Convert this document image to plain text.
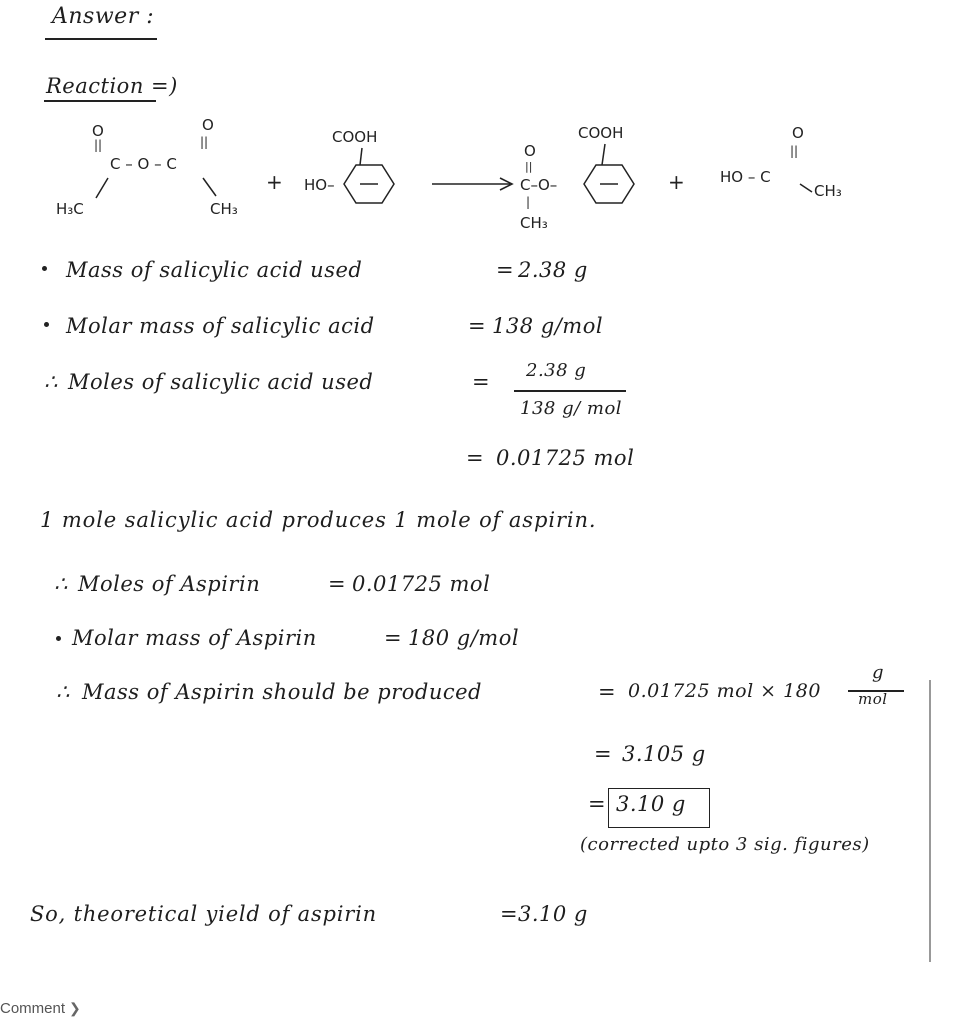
Answer :
Reaction =)
O
||
O
||
C – O – C
H₃C	CH₃
+
COOH
HO–
COOH
O
||
C–O–
|
CH₃
+
O
||
HO – C
CH₃
Mass of salicylic acid used	= 2.38 g
Molar mass of salicylic acid	= 138 g/mol
∴ Moles of salicylic acid used	= 2.38 g
138 g/ mol
= 0.01725 mol
1 mole salicylic acid produces 1 mole of aspirin.
∴ Moles of Aspirin	= 0.01725 mol
Molar mass of Aspirin	= 180 g/mol
∴ Mass of Aspirin should be produced	= 0.01725 mol × 180
g
mol
= 3.105 g
= 3.10 g
(corrected upto 3 sig. figures)
So, theoretical yield of aspirin	= 3.10 g
Comment ❯
